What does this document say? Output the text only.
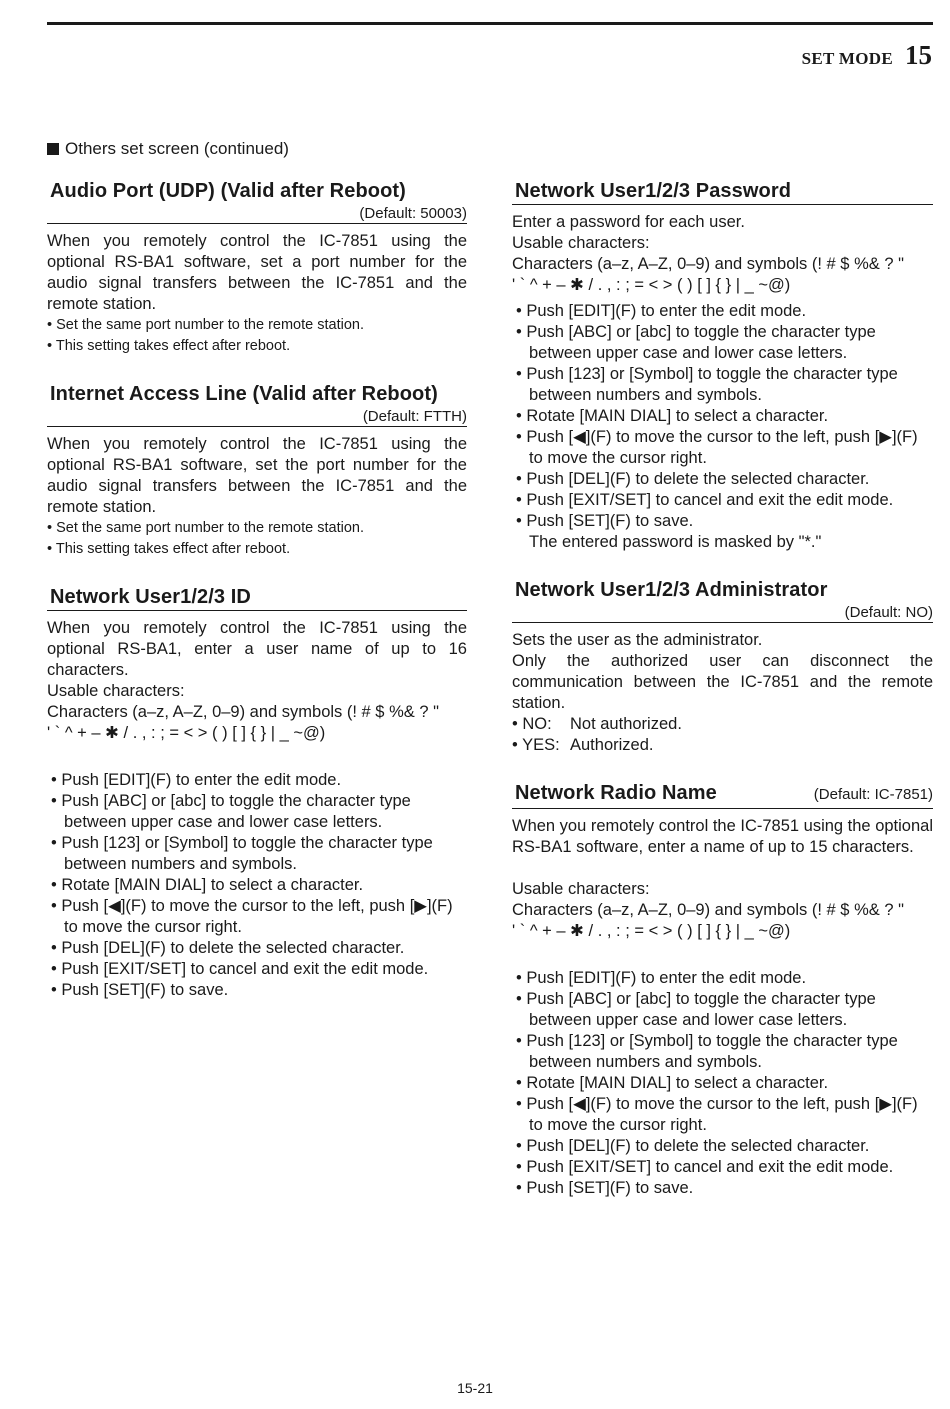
SET MODE 15
Others set screen (continued)
Audio Port (UDP) (Valid after Reboot)
(Default: 50003)

When you remotely control the IC-7851 using the optional RS-BA1 software, set a port number for the audio signal transfers between the IC-7851 and the remote station.

• Set the same port number to the remote station.
• This setting takes effect after reboot.
Internet Access Line (Valid after Reboot)
(Default: FTTH)

When you remotely control the IC-7851 using the optional RS-BA1 software, set the port number for the audio signal transfers between the IC-7851 and the remote station.

• Set the same port number to the remote station.
• This setting takes effect after reboot.
Network User1/2/3 ID

When you remotely control the IC-7851 using the optional RS-BA1, enter a user name of up to 16 characters.

Usable characters:

Characters (a–z, A–Z, 0–9) and symbols (! # $ %& ? "

' ` ^ + – ✱ / . , : ; = < > ( ) [ ] { } | _ ~@)

• Push [EDIT](F) to enter the edit mode.
• Push [ABC] or [abc] to toggle the character type between upper case and lower case letters.
• Push [123] or [Symbol] to toggle the character type between numbers and symbols.
• Rotate [MAIN DIAL] to select a character.
• Push [◀](F) to move the cursor to the left, push [▶](F) to move the cursor right.
• Push [DEL](F) to delete the selected character.
• Push [EXIT/SET] to cancel and exit the edit mode.
• Push [SET](F) to save.
Network User1/2/3 Password

Enter a password for each user.

Usable characters:

Characters (a–z, A–Z, 0–9) and symbols (! # $ %& ? "

' ` ^ + – ✱ / . , : ; = < > ( ) [ ] { } | _ ~@)

• Push [EDIT](F) to enter the edit mode.
• Push [ABC] or [abc] to toggle the character type between upper case and lower case letters.
• Push [123] or [Symbol] to toggle the character type between numbers and symbols.
• Rotate [MAIN DIAL] to select a character.
• Push [◀](F) to move the cursor to the left, push [▶](F) to move the cursor right.
• Push [DEL](F) to delete the selected character.
• Push [EXIT/SET] to cancel and exit the edit mode.
• Push [SET](F) to save.
The entered password is masked by "*."
Network User1/2/3 Administrator
(Default: NO)

Sets the user as the administrator.

Only the authorized user can disconnect the communication between the IC-7851 and the remote station.

• NO:	Not authorized.
• YES: Authorized.
Network Radio Name	(Default: IC-7851)

When you remotely control the IC-7851 using the optional RS-BA1 software, enter a name of up to 15 characters.

Usable characters:

Characters (a–z, A–Z, 0–9) and symbols (! # $ %& ? "

' ` ^ + – ✱ / . , : ; = < > ( ) [ ] { } | _ ~@)

• Push [EDIT](F) to enter the edit mode.
• Push [ABC] or [abc] to toggle the character type between upper case and lower case letters.
• Push [123] or [Symbol] to toggle the character type between numbers and symbols.
• Rotate [MAIN DIAL] to select a character.
• Push [◀](F) to move the cursor to the left, push [▶](F) to move the cursor right.
• Push [DEL](F) to delete the selected character.
• Push [EXIT/SET] to cancel and exit the edit mode.
• Push [SET](F) to save.
15-21
